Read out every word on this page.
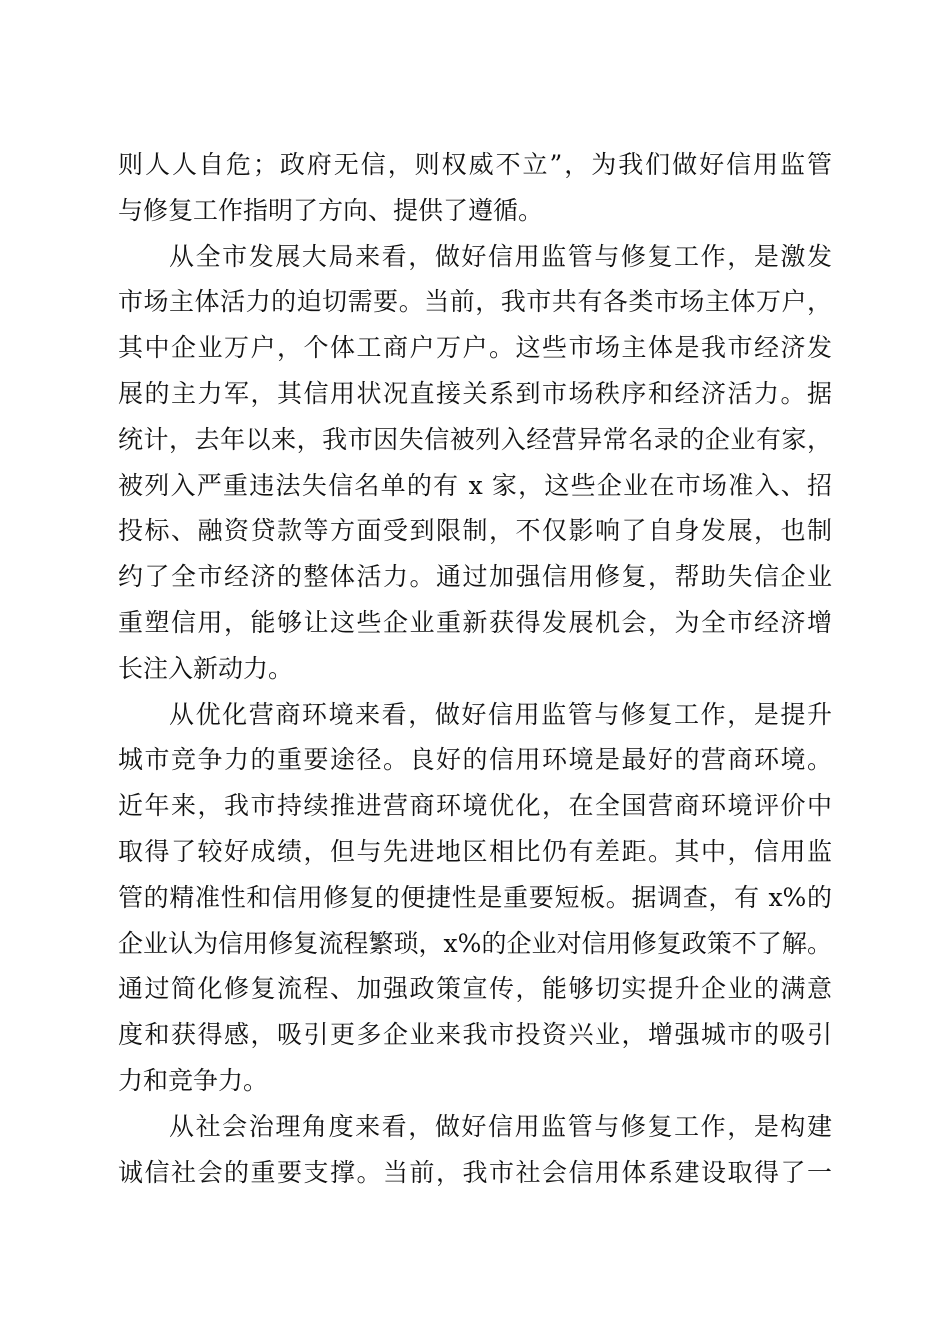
则人人自危；政府无信，则权威不立”，为我们做好信用监管
与修复工作指明了方向、提供了遵循。
从全市发展大局来看，做好信用监管与修复工作，是激发
市场主体活力的迫切需要。当前，我市共有各类市场主体万户，
其中企业万户，个体工商户万户。这些市场主体是我市经济发
展的主力军，其信用状况直接关系到市场秩序和经济活力。据
统计，去年以来，我市因失信被列入经营异常名录的企业有家，
被列入严重违法失信名单的有 x 家，这些企业在市场准入、招
投标、融资贷款等方面受到限制，不仅影响了自身发展，也制
约了全市经济的整体活力。通过加强信用修复，帮助失信企业
重塑信用，能够让这些企业重新获得发展机会，为全市经济增
长注入新动力。
从优化营商环境来看，做好信用监管与修复工作，是提升
城市竞争力的重要途径。良好的信用环境是最好的营商环境。
近年来，我市持续推进营商环境优化，在全国营商环境评价中
取得了较好成绩，但与先进地区相比仍有差距。其中，信用监
管的精准性和信用修复的便捷性是重要短板。据调查，有 x%的
企业认为信用修复流程繁琐，x%的企业对信用修复政策不了解。
通过简化修复流程、加强政策宣传，能够切实提升企业的满意
度和获得感，吸引更多企业来我市投资兴业，增强城市的吸引
力和竞争力。
从社会治理角度来看，做好信用监管与修复工作，是构建
诚信社会的重要支撑。当前，我市社会信用体系建设取得了一
